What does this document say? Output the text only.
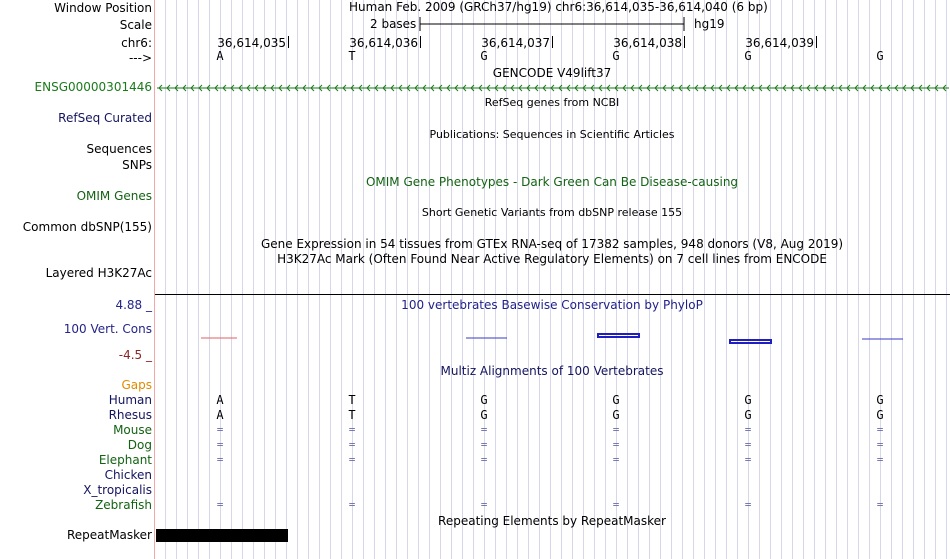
Window Position
Scale
chr6:
--->
ENSG00000301446
RefSeq Curated
Sequences
SNPs
OMIM Genes
Common dbSNP(155)
Layered H3K27Ac
4.88 _
100 Vert. Cons
-4.5 _
Gaps
Human
Rhesus
Mouse
Dog
Elephant
Chicken
X_tropicalis
Zebrafish
RepeatMasker
Human Feb. 2009 (GRCh37/hg19) chr6:36,614,035-36,614,040 (6 bp)
2 bases	hg19
36,614,035	36,614,036	36,614,037	36,614,038	36,614,039
A	T	G	G	G	G
GENCODE V49lift37
RefSeq genes from NCBI
Publications: Sequences in Scientific Articles
OMIM Gene Phenotypes - Dark Green Can Be Disease-causing
Short Genetic Variants from dbSNP release 155
Gene Expression in 54 tissues from GTEx RNA-seq of 17382 samples, 948 donors (V8, Aug 2019)
H3K27Ac Mark (Often Found Near Active Regulatory Elements) on 7 cell lines from ENCODE
100 vertebrates Basewise Conservation by PhyloP
Multiz Alignments of 100 Vertebrates
A	T	G	G	G	G
A	T	G	G	G	G
=	=	=	=	=	=
=	=	=	=	=	=
=	=	=	=	=	=
=	=	=	=	=	=
Repeating Elements by RepeatMasker
